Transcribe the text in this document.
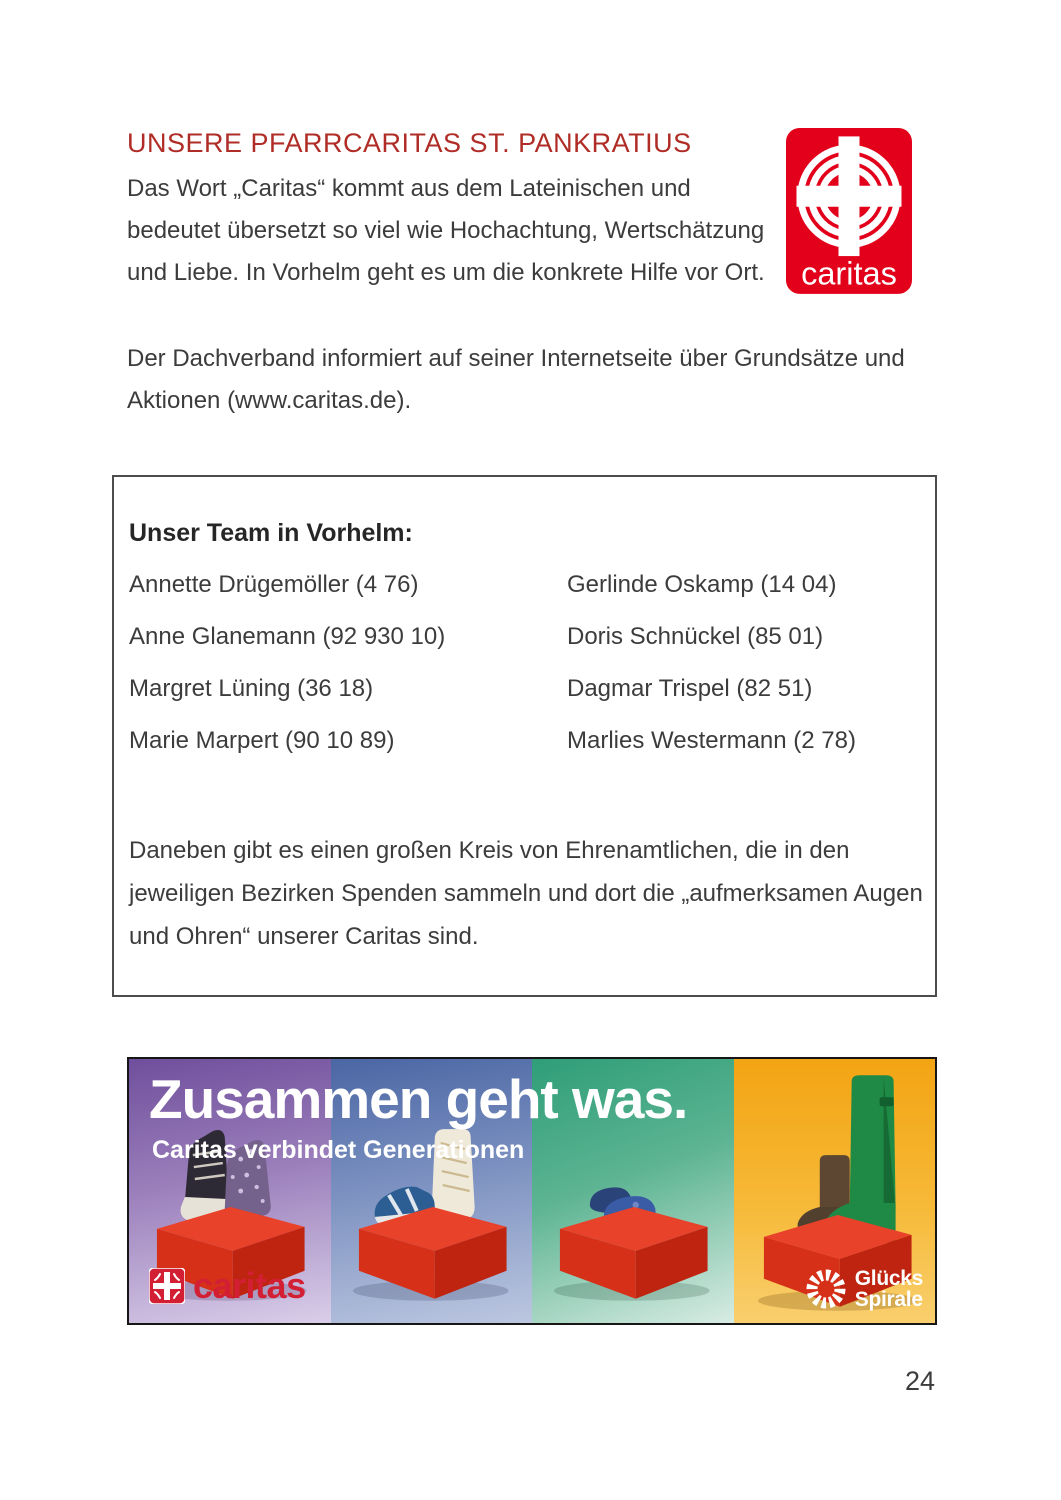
UNSERE PFARRCARITAS ST. PANKRATIUS

Das Wort „Caritas“ kommt aus dem Lateinischen und bedeutet übersetzt so viel wie Hochachtung, Wertschätzung und Liebe. In Vorhelm geht es um die konkrete Hilfe vor Ort.	caritas

Der Dachverband informiert auf seiner Internetseite über Grundsätze und Aktionen (www.caritas.de).

Unser Team in Vorhelm:
Annette Drügemöller (4 76)
Anne Glanemann (92 930 10)
Margret Lüning (36 18)
Marie Marpert (90 10 89)
Gerlinde Oskamp (14 04)
Doris Schnückel (85 01)
Dagmar Trispel (82 51)
Marlies Westermann (2 78)

Daneben gibt es einen großen Kreis von Ehrenamtlichen, die in den jeweiligen Bezirken Spenden sammeln und dort die „aufmerksamen Augen und Ohren“ unserer Caritas sind.

Zusammen geht was.
Caritas verbindet Generationen
caritas	Glücks
Spirale
24
